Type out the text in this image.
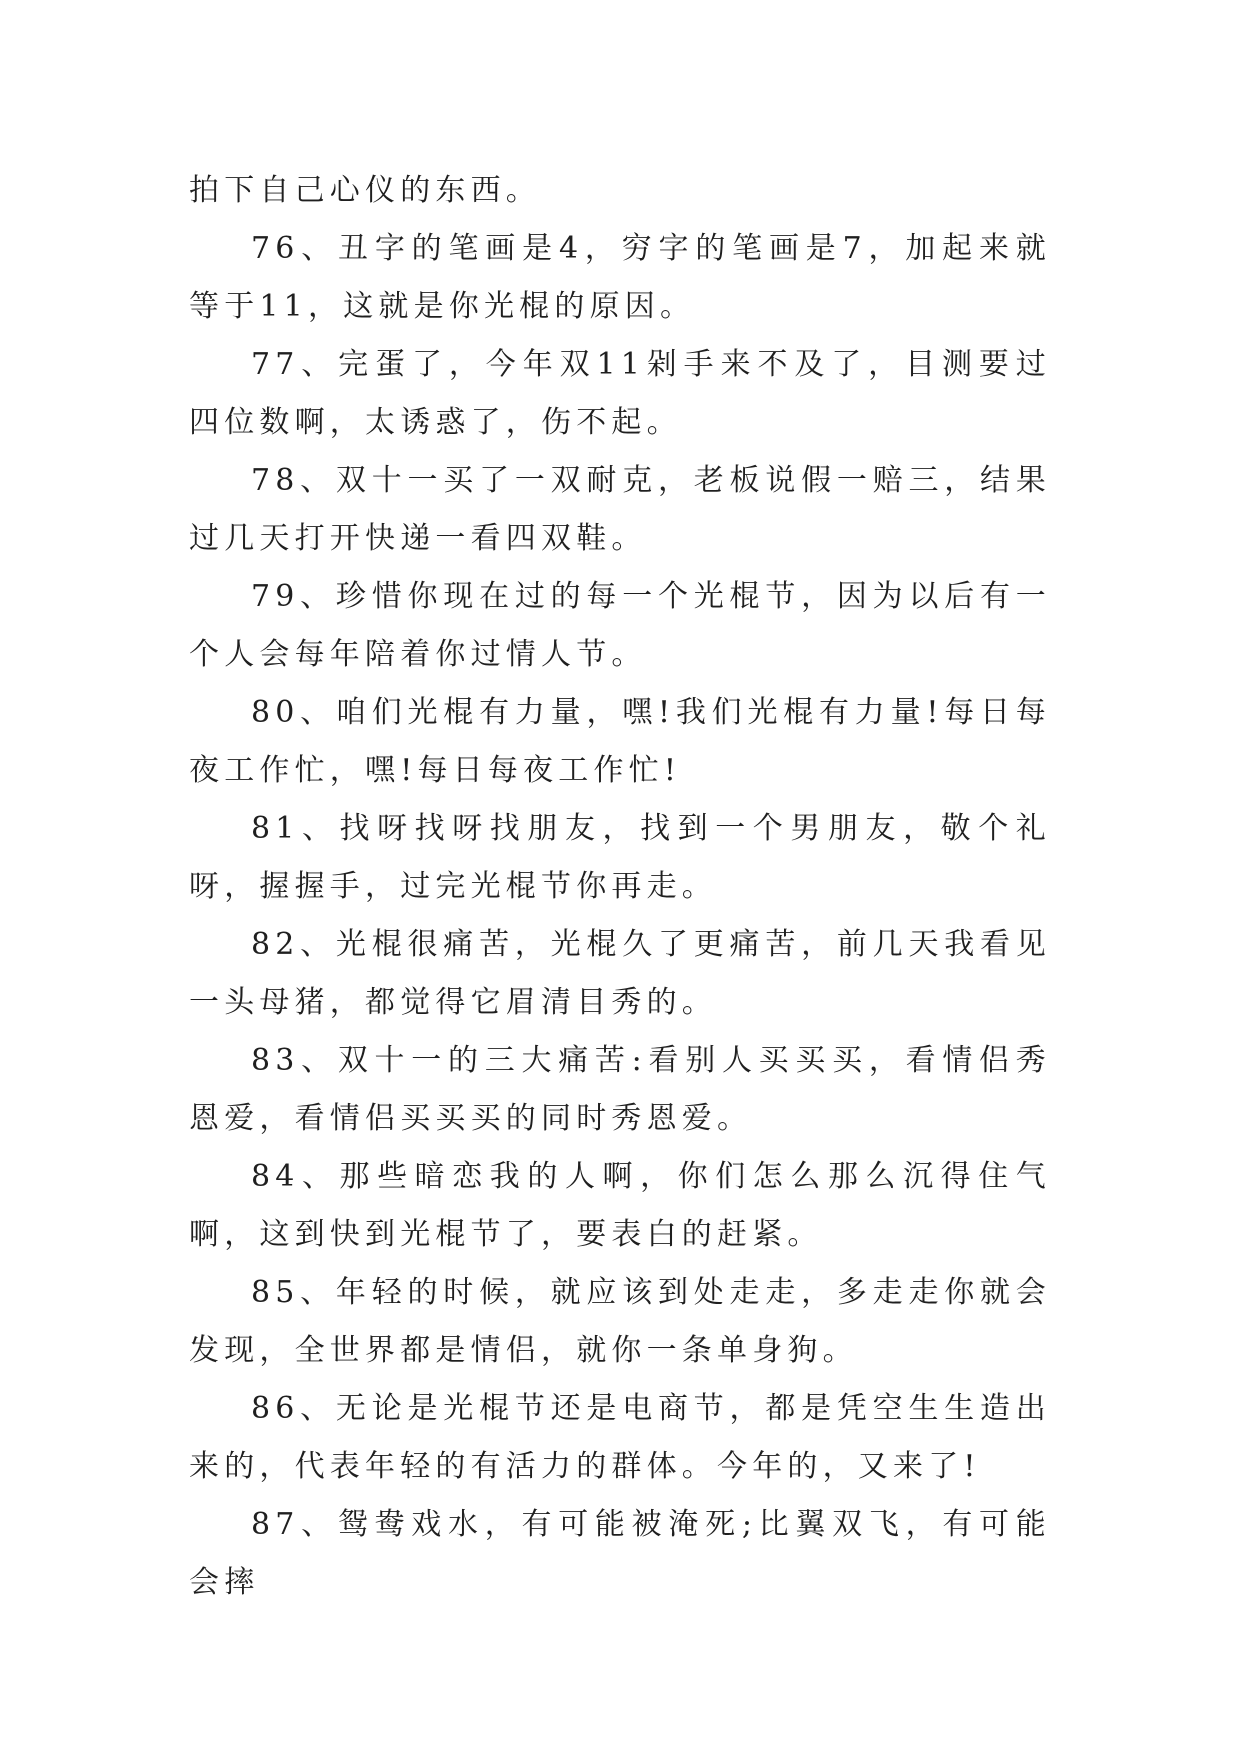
拍下自己心仪的东西。

76、丑字的笔画是4，穷字的笔画是7，加起来就等于11，这就是你光棍的原因。

77、完蛋了，今年双11剁手来不及了，目测要过四位数啊，太诱惑了，伤不起。

78、双十一买了一双耐克，老板说假一赔三，结果过几天打开快递一看四双鞋。

79、珍惜你现在过的每一个光棍节，因为以后有一个人会每年陪着你过情人节。

80、咱们光棍有力量，嘿!我们光棍有力量!每日每夜工作忙，嘿!每日每夜工作忙!

81、找呀找呀找朋友，找到一个男朋友，敬个礼呀，握握手，过完光棍节你再走。

82、光棍很痛苦，光棍久了更痛苦，前几天我看见一头母猪，都觉得它眉清目秀的。

83、双十一的三大痛苦:看别人买买买，看情侣秀恩爱，看情侣买买买的同时秀恩爱。

84、那些暗恋我的人啊，你们怎么那么沉得住气啊，这到快到光棍节了，要表白的赶紧。

85、年轻的时候，就应该到处走走，多走走你就会发现，全世界都是情侣，就你一条单身狗。

86、无论是光棍节还是电商节，都是凭空生生造出来的，代表年轻的有活力的群体。今年的，又来了!

87、鸳鸯戏水，有可能被淹死;比翼双飞，有可能会摔
